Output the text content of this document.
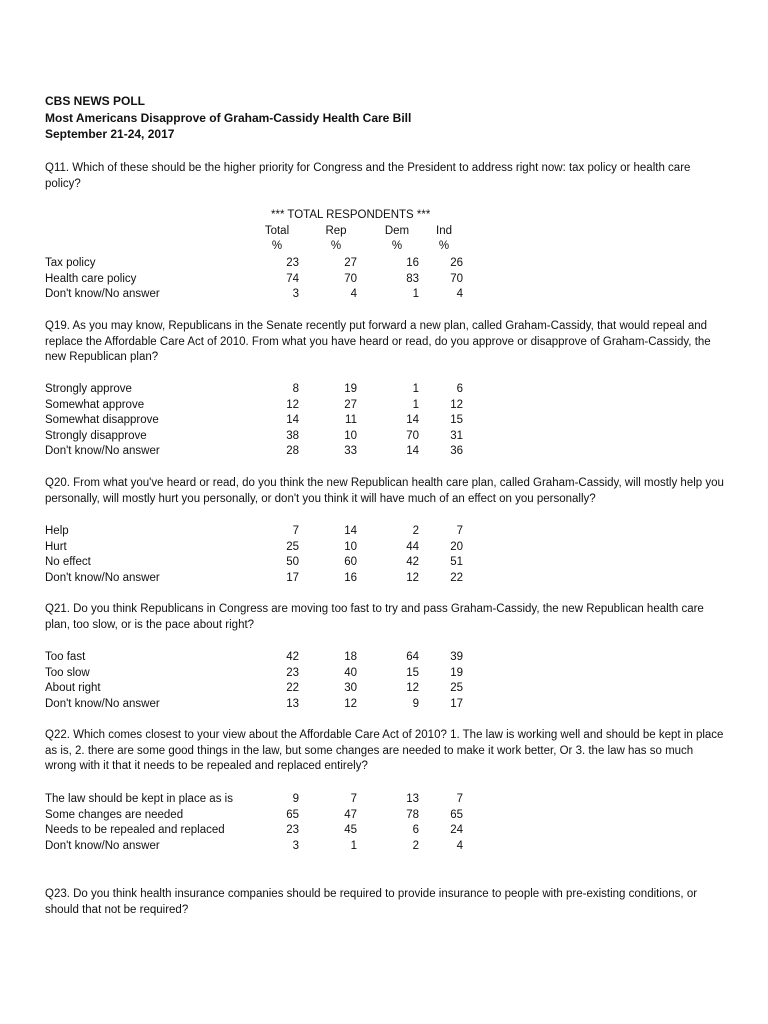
CBS NEWS POLL
Most Americans Disapprove of Graham-Cassidy Health Care Bill
September 21-24, 2017
Q11. Which of these should be the higher priority for Congress and the President to address right now: tax policy or health care policy?
*** TOTAL RESPONDENTS ***
Total	Rep	Dem	Ind
%	%	%	%
Tax policy	23	27	16	26
Health care policy	74	70	83	70
Don't know/No answer	3	4	1	4
Q19. As you may know, Republicans in the Senate recently put forward a new plan, called Graham-Cassidy, that would repeal and replace the Affordable Care Act of 2010. From what you have heard or read, do you approve or disapprove of Graham-Cassidy, the new Republican plan?
Strongly approve	8	19	1	6
Somewhat approve	12	27	1	12
Somewhat disapprove	14	11	14	15
Strongly disapprove	38	10	70	31
Don't know/No answer	28	33	14	36
Q20. From what you've heard or read, do you think the new Republican health care plan, called Graham-Cassidy, will mostly help you personally, will mostly hurt you personally, or don't you think it will have much of an effect on you personally?
Help	7	14	2	7
Hurt	25	10	44	20
No effect	50	60	42	51
Don't know/No answer	17	16	12	22
Q21. Do you think Republicans in Congress are moving too fast to try and pass Graham-Cassidy, the new Republican health care plan, too slow, or is the pace about right?
Too fast	42	18	64	39
Too slow	23	40	15	19
About right	22	30	12	25
Don't know/No answer	13	12	9	17
Q22. Which comes closest to your view about the Affordable Care Act of 2010? 1. The law is working well and should be kept in place as is, 2. there are some good things in the law, but some changes are needed to make it work better, Or 3. the law has so much wrong with it that it needs to be repealed and replaced entirely?
The law should be kept in place as is	9	7	13	7
Some changes are needed	65	47	78	65
Needs to be repealed and replaced	23	45	6	24
Don't know/No answer	3	1	2	4
Q23. Do you think health insurance companies should be required to provide insurance to people with pre-existing conditions, or should that not be required?
